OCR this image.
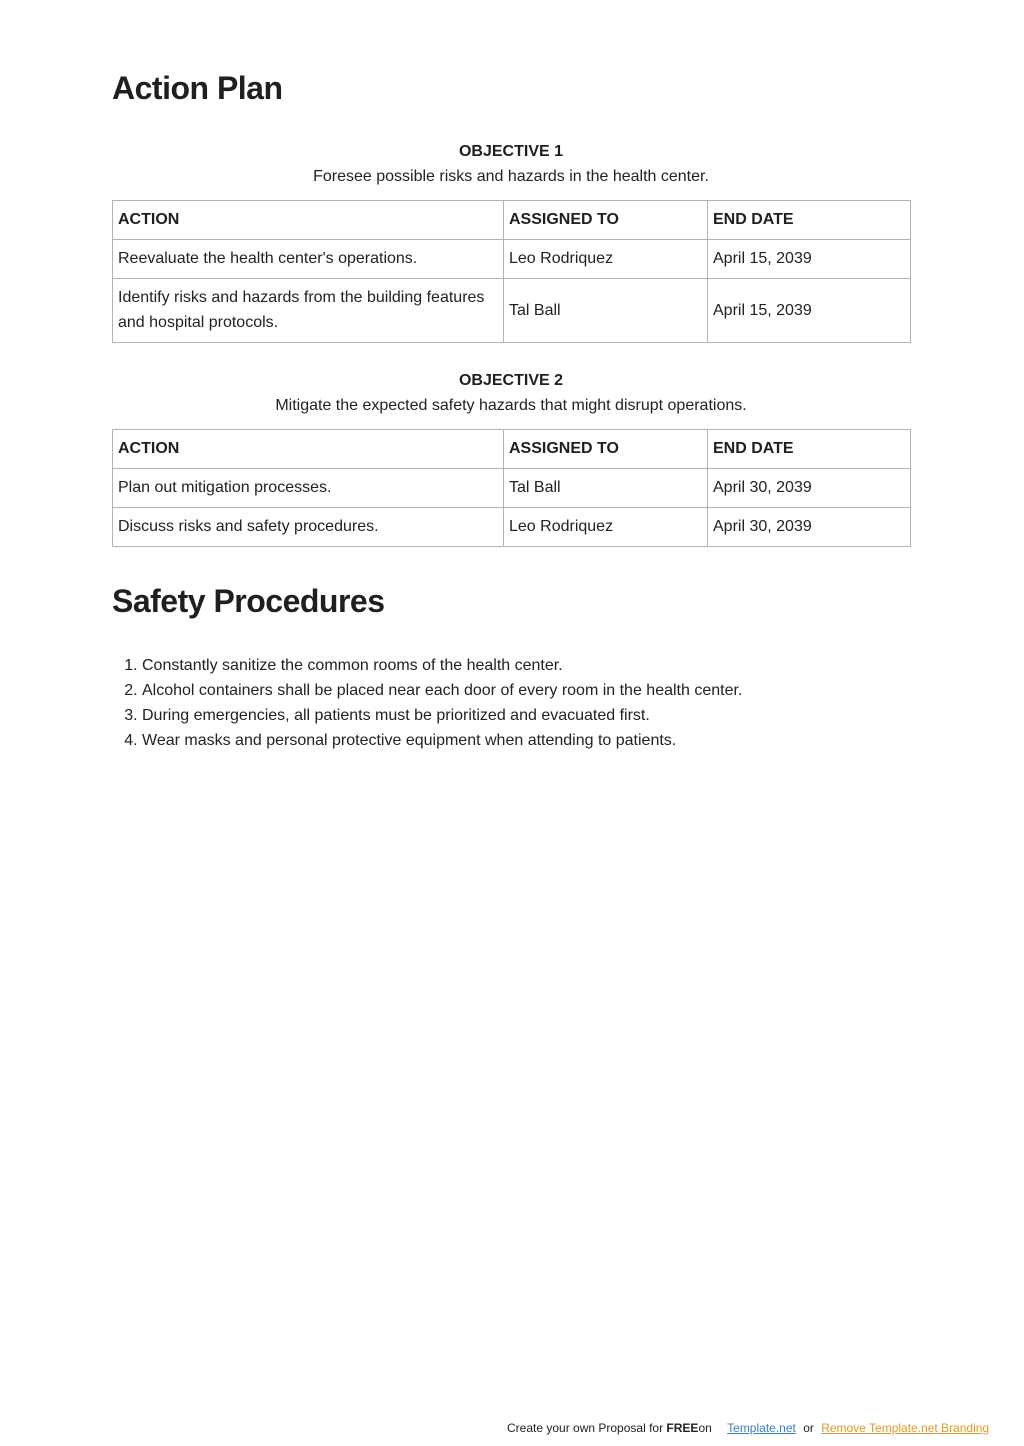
Action Plan
OBJECTIVE 1
Foresee possible risks and hazards in the health center.
ACTION	ASSIGNED TO	END DATE
Reevaluate the health center's operations.	Leo Rodriquez	April 15, 2039
Identify risks and hazards from the building features and hospital protocols.	Tal Ball	April 15, 2039
OBJECTIVE 2
Mitigate the expected safety hazards that might disrupt operations.
ACTION	ASSIGNED TO	END DATE
Plan out mitigation processes.	Tal Ball	April 30, 2039
Discuss risks and safety procedures.	Leo Rodriquez	April 30, 2039
Safety Procedures
1. Constantly sanitize the common rooms of the health center.
2. Alcohol containers shall be placed near each door of every room in the health center.
3. During emergencies, all patients must be prioritized and evacuated first.
4. Wear masks and personal protective equipment when attending to patients.
Create your own Proposal for FREEon Template.net or Remove Template.net Branding
